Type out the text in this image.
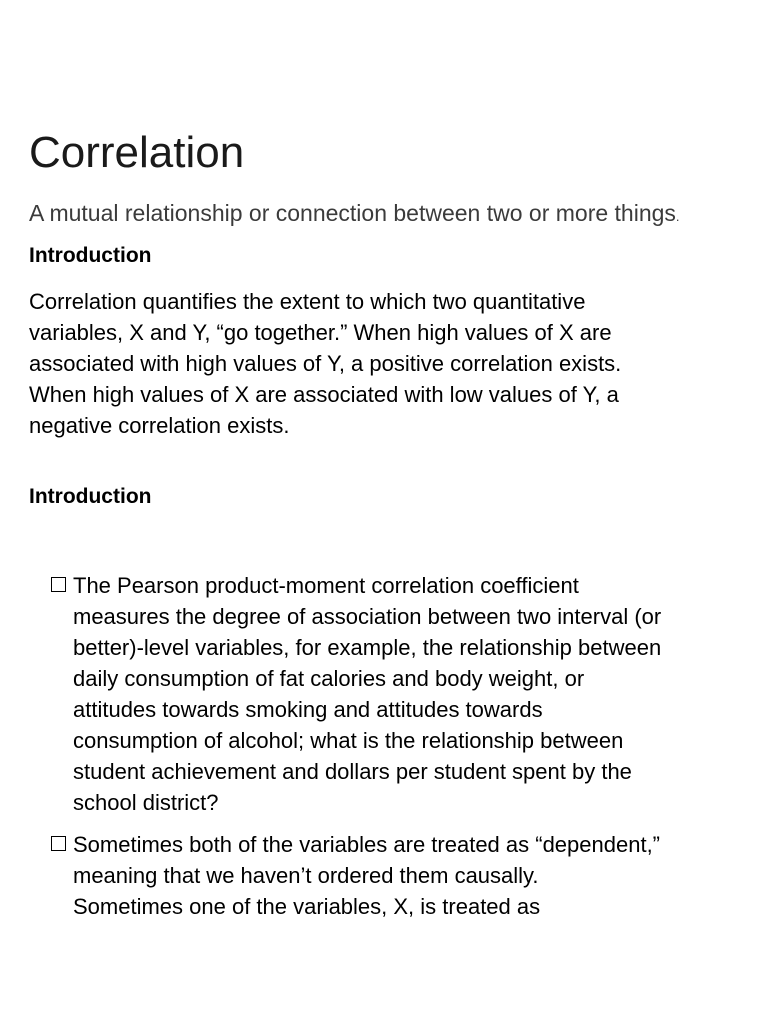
Correlation

A mutual relationship or connection between two or more things.

Introduction

Correlation quantifies the extent to which two quantitative
variables, X and Y, “go together.” When high values of X are
associated with high values of Y, a positive correlation exists.
When high values of X are associated with low values of Y, a
negative correlation exists.

Introduction
The Pearson product-moment correlation coefficient
measures the degree of association between two interval (or
better)-level variables, for example, the relationship between
daily consumption of fat calories and body weight, or
attitudes towards smoking and attitudes towards
consumption of alcohol; what is the relationship between
student achievement and dollars per student spent by the
school district?
Sometimes both of the variables are treated as “dependent,”
meaning that we haven’t ordered them causally.
Sometimes one of the variables, X, is treated as
